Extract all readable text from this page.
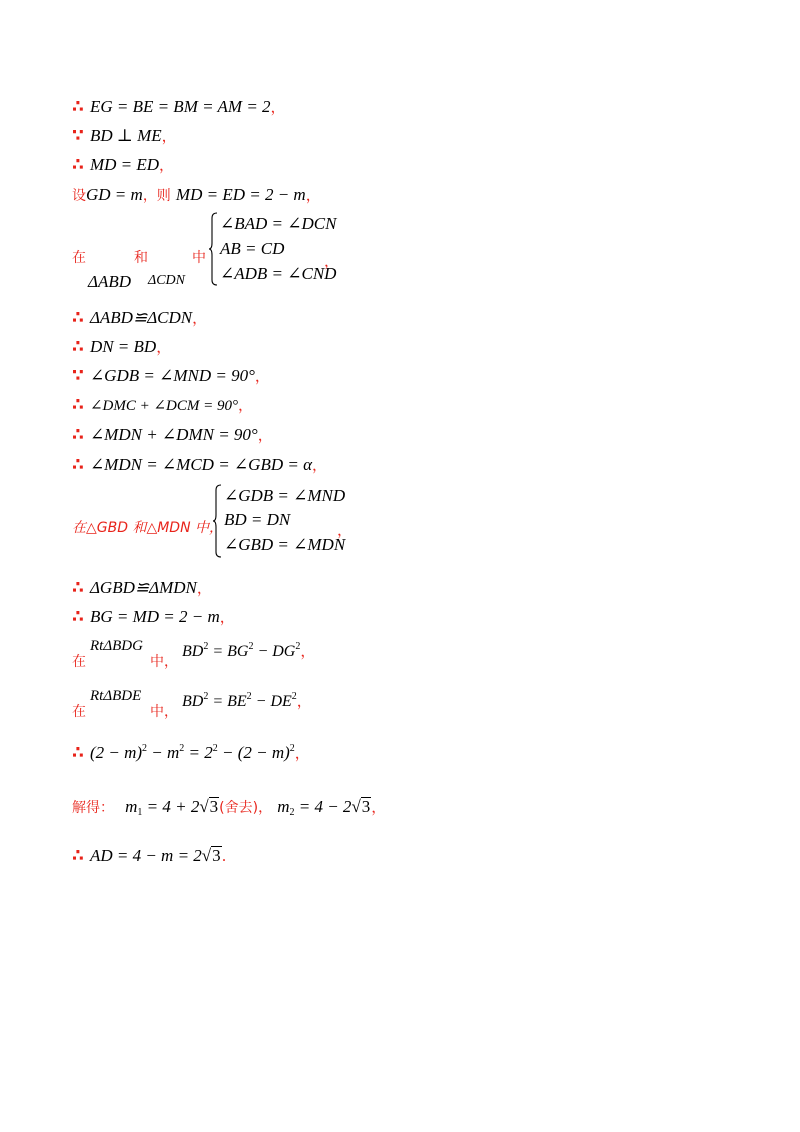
∴ EG = BE = BM = AM = 2，
∵ BD ⊥ ME，
∴ MD = ED，
设GD = m，则 MD = ED = 2 − m，
在	和	中
ΔABD ΔCDN
∠BAD = ∠DCN
AB = CD
∠ADB = ∠CND
，
∴ ΔABD≌ΔCDN，
∴ DN = BD，
∵ ∠GDB = ∠MND = 90°，
∴ ∠DMC + ∠DCM = 90°，
∴ ∠MDN + ∠DMN = 90°，
∴ ∠MDN = ∠MCD = ∠GBD = α，
在△GBD 和△MDN 中，
∠GDB = ∠MND
BD = DN
∠GBD = ∠MDN
，
∴ ΔGBD≌ΔMDN，
∴ BG = MD = 2 − m，
在
RtΔBDG
中，
$BD^2 = BG^2 - DG^2$，
在
RtΔBDE
中，
$BD^2 = BE^2 - DE^2$，
∴ $(2 - m)^2 - m^2 = 2^2 - (2 - m)^2$，
解得： $m_1 = 4 + 2√3$(舍去)， $m_2 = 4 - 2√3$，
∴ AD = 4 − m = 2√3.
